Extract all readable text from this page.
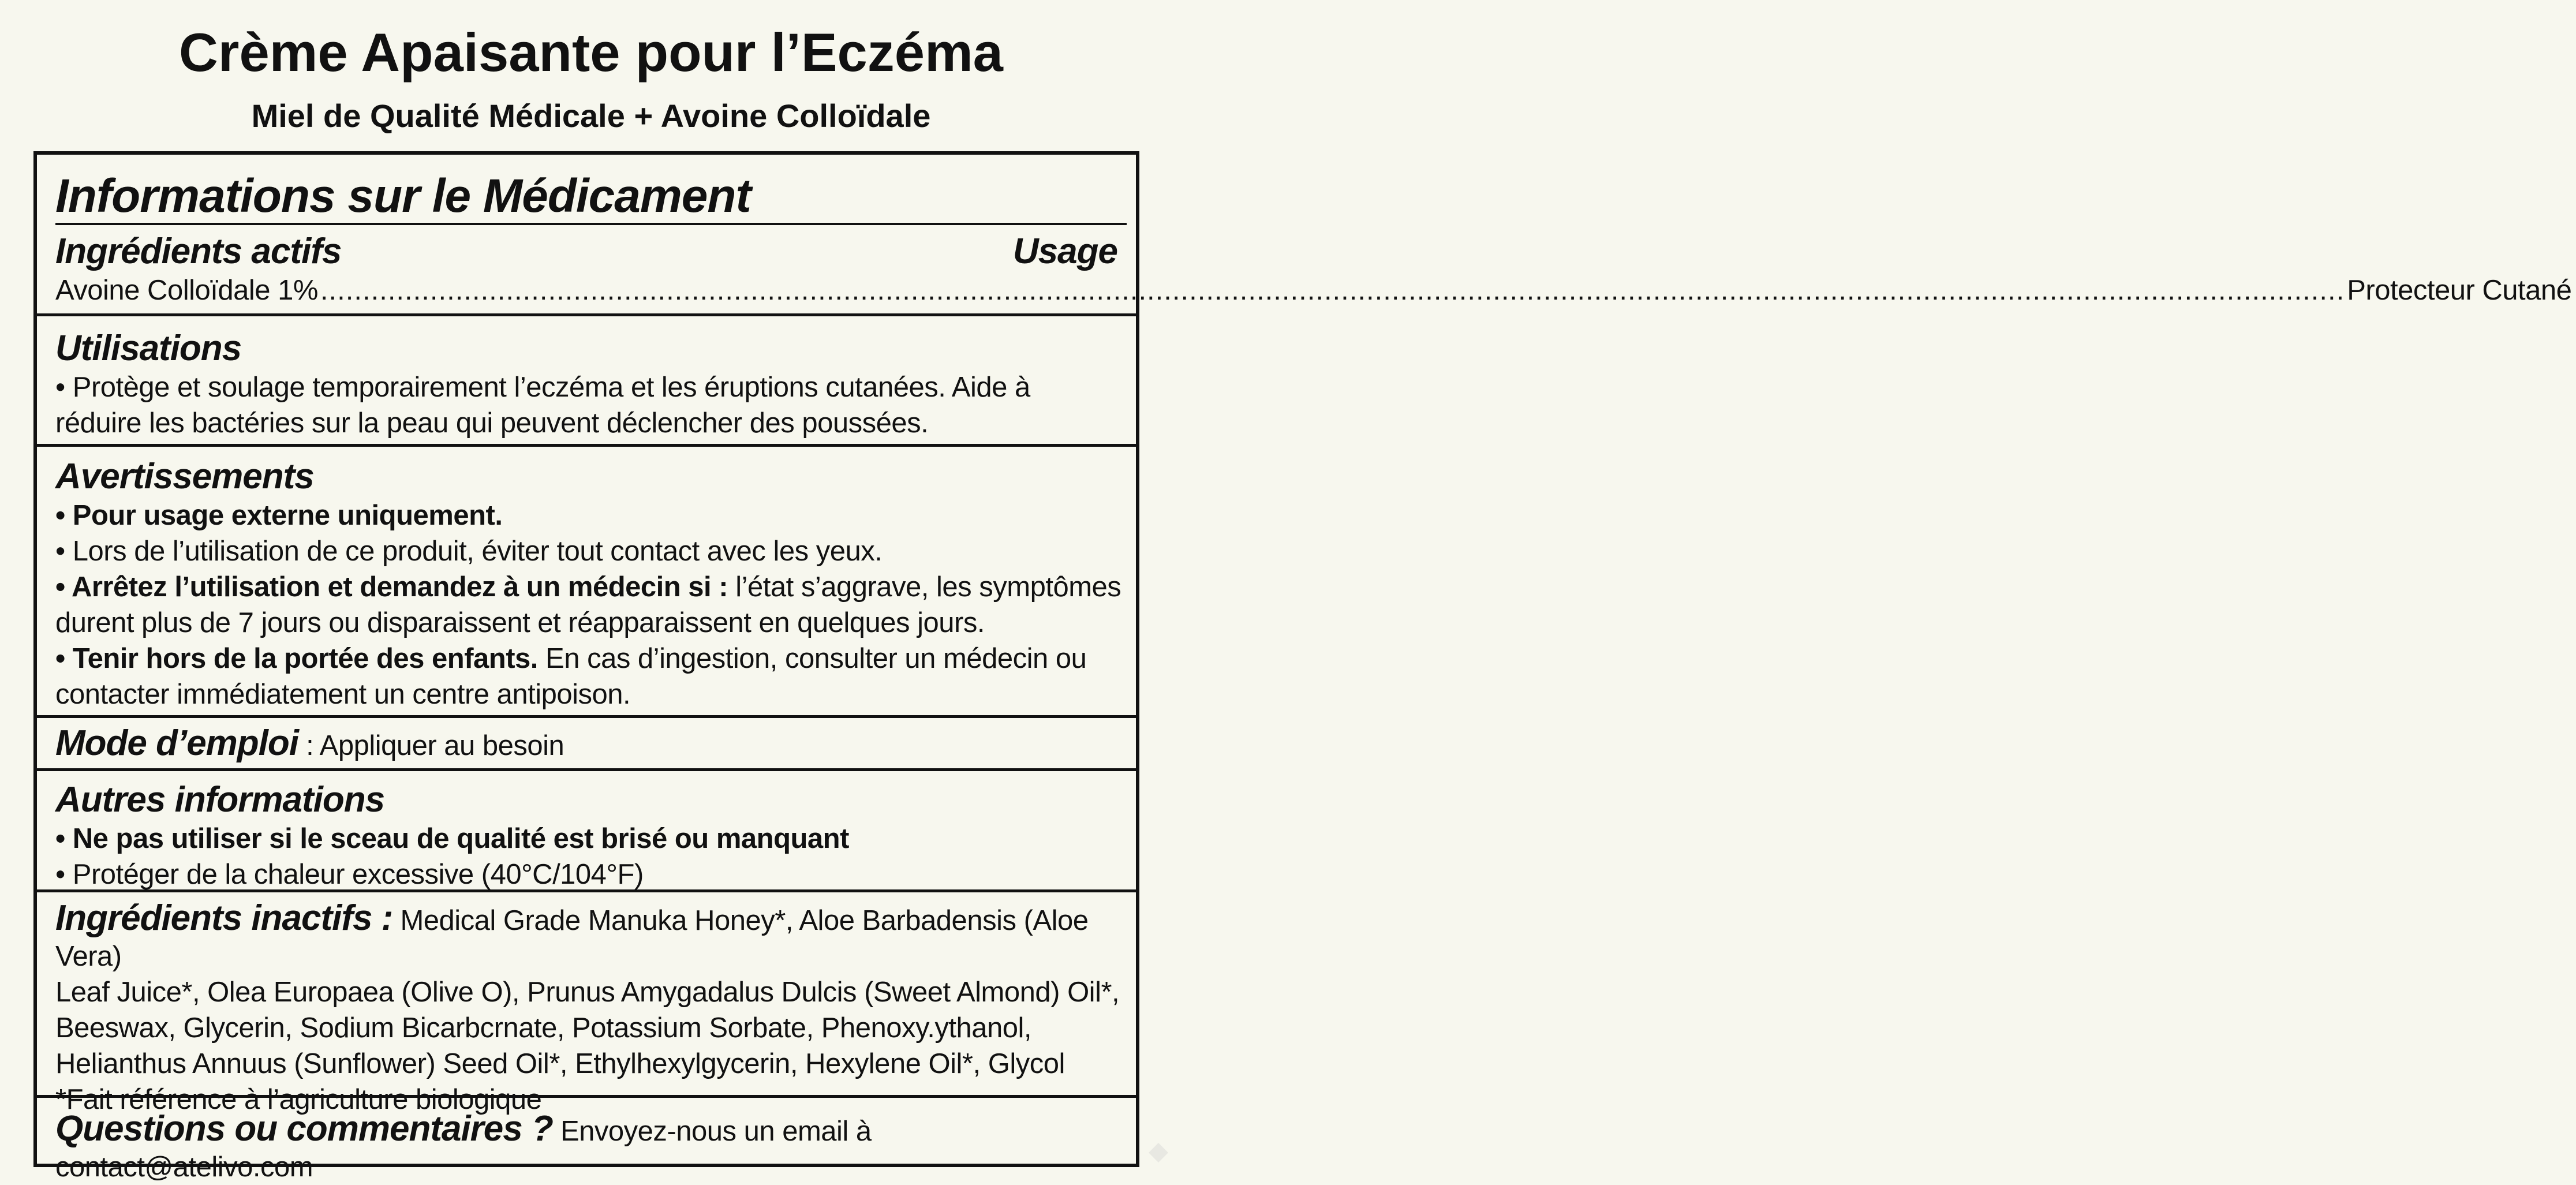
Crème Apaisante pour l’Eczéma
Miel de Qualité Médicale + Avoine Colloïdale
Informations sur le Médicament
Ingrédients actifs	Usage
Avoine Colloïdale 1%
.....	Protecteur Cutané
Utilisations
• Protège et soulage temporairement l’eczéma et les éruptions cutanées. Aide à
réduire les bactéries sur la peau qui peuvent déclencher des poussées.
Avertissements
• Pour usage externe uniquement.
• Lors de l’utilisation de ce produit, éviter tout contact avec les yeux.
• Arrêtez l’utilisation et demandez à un médecin si : l’état s’aggrave, les symptômes
durent plus de 7 jours ou disparaissent et réapparaissent en quelques jours.
• Tenir hors de la portée des enfants. En cas d’ingestion, consulter un médecin ou
contacter immédiatement un centre antipoison.
Mode d’emploi : Appliquer au besoin
Autres informations
• Ne pas utiliser si le sceau de qualité est brisé ou manquant
• Protéger de la chaleur excessive (40°C/104°F)
Ingrédients inactifs : Medical Grade Manuka Honey*, Aloe Barbadensis (Aloe Vera)
Leaf Juice*, Olea Europaea (Olive O), Prunus Amygadalus Dulcis (Sweet Almond) Oil*,
Beeswax, Glycerin, Sodium Bicarbcrnate, Potassium Sorbate, Phenoxy.ythanol,
Helianthus Annuus (Sunflower) Seed Oil*, Ethylhexylgycerin, Hexylene Oil*, Glycol
*Fait référence à l’agriculture biologique
Questions ou commentaires ? Envoyez-nous un email à contact@atelivo.com
